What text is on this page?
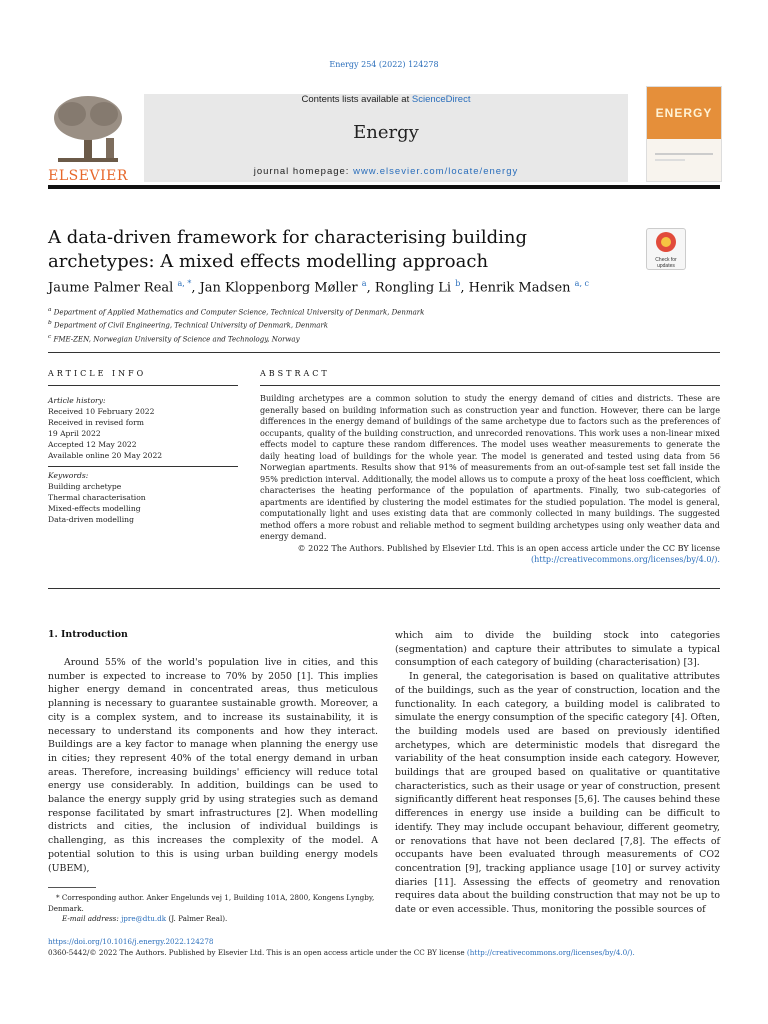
Energy 254 (2022) 124278
Contents lists available at ScienceDirect
Energy
journal homepage: www.elsevier.com/locate/energy
ELSEVIER
ENERGY
A data-driven framework for characterising building archetypes: A mixed effects modelling approach	Check for updates
Jaume Palmer Real $^{a, *}$, Jan Kloppenborg Møller $^a$, Rongling Li $^b$, Henrik Madsen $^{a, c}$
$^a$ Department of Applied Mathematics and Computer Science, Technical University of Denmark, Denmark
$^b$ Department of Civil Engineering, Technical University of Denmark, Denmark
$^c$ FME-ZEN, Norwegian University of Science and Technology, Norway
ARTICLE INFO	ABSTRACT
Article history:
Received 10 February 2022
Received in revised form
19 April 2022
Accepted 12 May 2022
Available online 20 May 2022
Keywords:
Building archetype
Thermal characterisation
Mixed-effects modelling
Data-driven modelling

Building archetypes are a common solution to study the energy demand of cities and districts. These are generally based on building information such as construction year and function. However, there can be large differences in the energy demand of buildings of the same archetype due to factors such as the preferences of occupants, quality of the building construction, and unrecorded renovations. This work uses a non-linear mixed effects model to capture these random differences. The model uses weather measurements to generate the daily heating load of buildings for the whole year. The model is generated and tested using data from 56 Norwegian apartments. Results show that 91% of measurements from an out-of-sample test set fall inside the 95% prediction interval. Additionally, the model allows us to compute a proxy of the heat loss coefficient, which characterises the heating performance of the population of apartments. Finally, two sub-categories of apartments are identified by clustering the model estimates for the studied population. The model is general, computationally light and uses existing data that are commonly collected in many buildings. The suggested method offers a more robust and reliable method to segment building archetypes using only weather data and energy demand.

© 2022 The Authors. Published by Elsevier Ltd. This is an open access article under the CC BY license (http://creativecommons.org/licenses/by/4.0/).

1. Introduction
Around 55% of the world's population live in cities, and this number is expected to increase to 70% by 2050 [1]. This implies higher energy demand in concentrated areas, thus meticulous planning is necessary to guarantee sustainable growth. Moreover, a city is a complex system, and to increase its sustainability, it is necessary to understand its components and how they interact. Buildings are a key factor to manage when planning the energy use in cities; they represent 40% of the total energy demand in urban areas. Therefore, increasing buildings' efficiency will reduce total energy use considerably. In addition, buildings can be used to balance the energy supply grid by using strategies such as demand response facilitated by smart infrastructures [2]. When modelling districts and cities, the inclusion of individual buildings is challenging, as this increases the complexity of the model. A potential solution to this is using urban building energy models (UBEM),

which aim to divide the building stock into categories (segmentation) and capture their attributes to simulate a typical consumption of each category of building (characterisation) [3].

In general, the categorisation is based on qualitative attributes of the buildings, such as the year of construction, location and the functionality. In each category, a building model is calibrated to simulate the energy consumption of the specific category [4]. Often, the building models used are based on previously identified archetypes, which are deterministic models that disregard the variability of the heat consumption inside each category. However, buildings that are grouped based on qualitative or quantitative characteristics, such as their usage or year of construction, present significantly different heat responses [5,6]. The causes behind these differences in energy use inside a building can be difficult to identify. They may include occupant behaviour, different geometry, or renovations that have not been declared [7,8]. The effects of occupants have been evaluated through measurements of CO2 concentration [9], tracking appliance usage [10] or survey activity diaries [11]. Assessing the effects of geometry and renovation requires data about the building construction that may not be up to date or even accessible. Thus, monitoring the possible sources of

* Corresponding author. Anker Engelunds vej 1, Building 101A, 2800, Kongens Lyngby, Denmark.
E-mail address: jpre@dtu.dk (J. Palmer Real).
https://doi.org/10.1016/j.energy.2022.124278
0360-5442/© 2022 The Authors. Published by Elsevier Ltd. This is an open access article under the CC BY license (http://creativecommons.org/licenses/by/4.0/).
